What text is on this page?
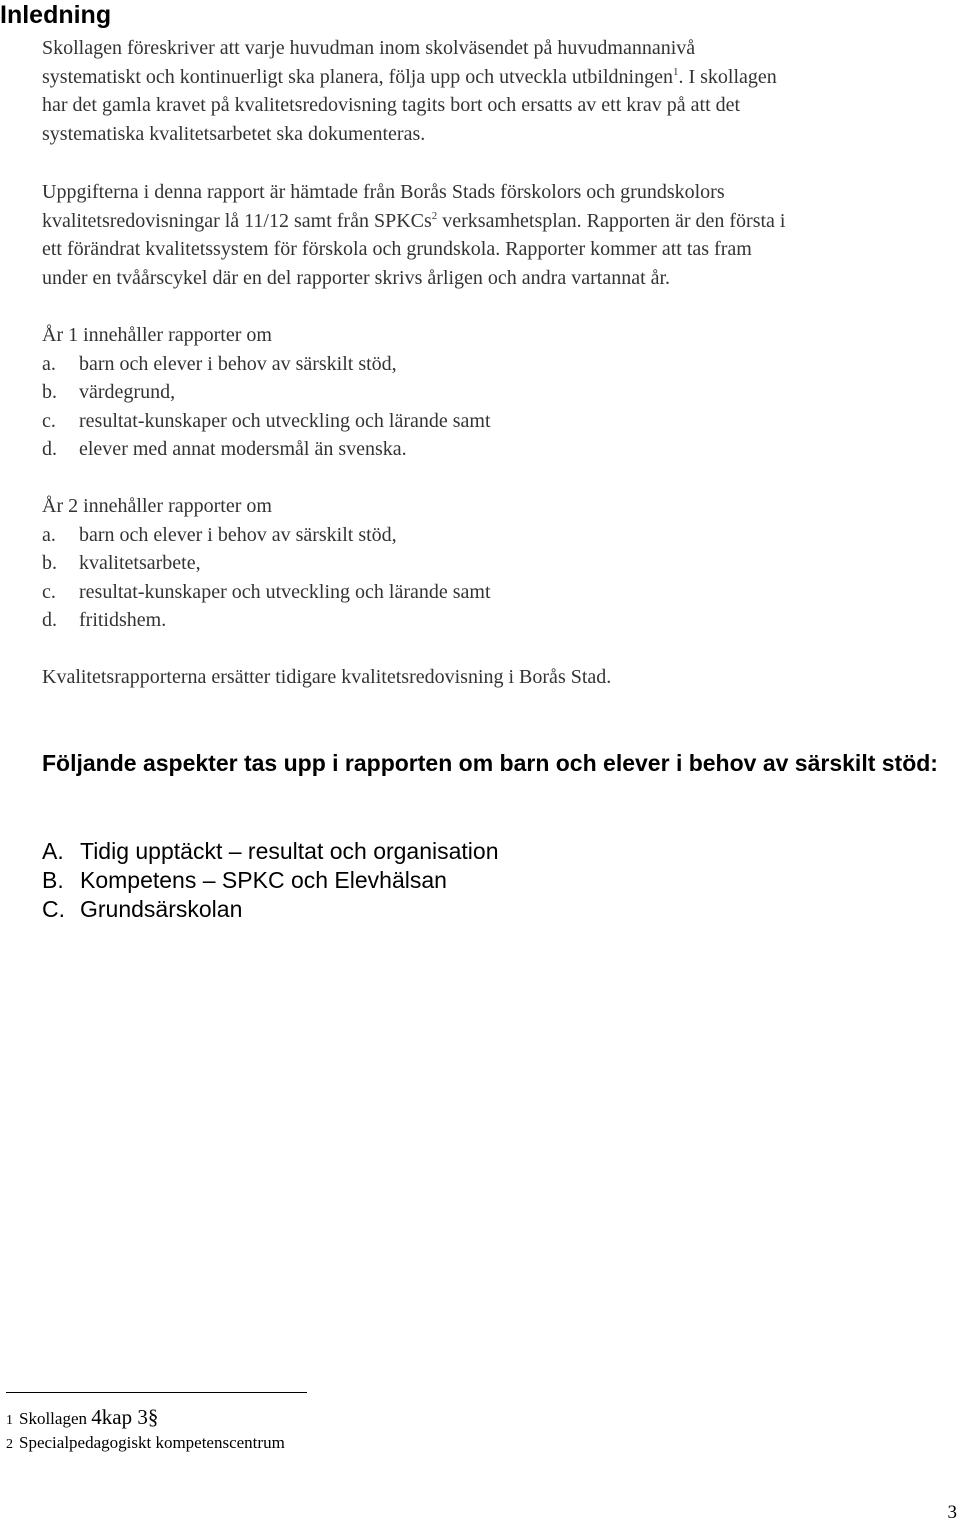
Inledning

Skollagen föreskriver att varje huvudman inom skolväsendet på huvudmannanivå

systematiskt och kontinuerligt ska planera, följa upp och utveckla utbildningen$^1$. I skollagen

har det gamla kravet på kvalitetsredovisning tagits bort och ersatts av ett krav på att det

systematiska kvalitetsarbetet ska dokumenteras.

Uppgifterna i denna rapport är hämtade från Borås Stads förskolors och grundskolors

kvalitetsredovisningar lå 11/12 samt från SPKCs$^2$ verksamhetsplan. Rapporten är den första i

ett förändrat kvalitetssystem för förskola och grundskola. Rapporter kommer att tas fram

under en tvåårscykel där en del rapporter skrivs årligen och andra vartannat år.

År 1 innehåller rapporter om
a. barn och elever i behov av särskilt stöd,
b. värdegrund,
c. resultat-kunskaper och utveckling och lärande samt
d. elever med annat modersmål än svenska.
År 2 innehåller rapporter om
a. barn och elever i behov av särskilt stöd,
b. kvalitetsarbete,
c. resultat-kunskaper och utveckling och lärande samt
d. fritidshem.
Kvalitetsrapporterna ersätter tidigare kvalitetsredovisning i Borås Stad.
Följande aspekter tas upp i rapporten om barn och elever i behov av särskilt stöd:
A. Tidig upptäckt – resultat och organisation
B. Kompetens – SPKC och Elevhälsan
C. Grundsärskolan
1 Skollagen 4kap 3§
2 Specialpedagogiskt kompetenscentrum
3
